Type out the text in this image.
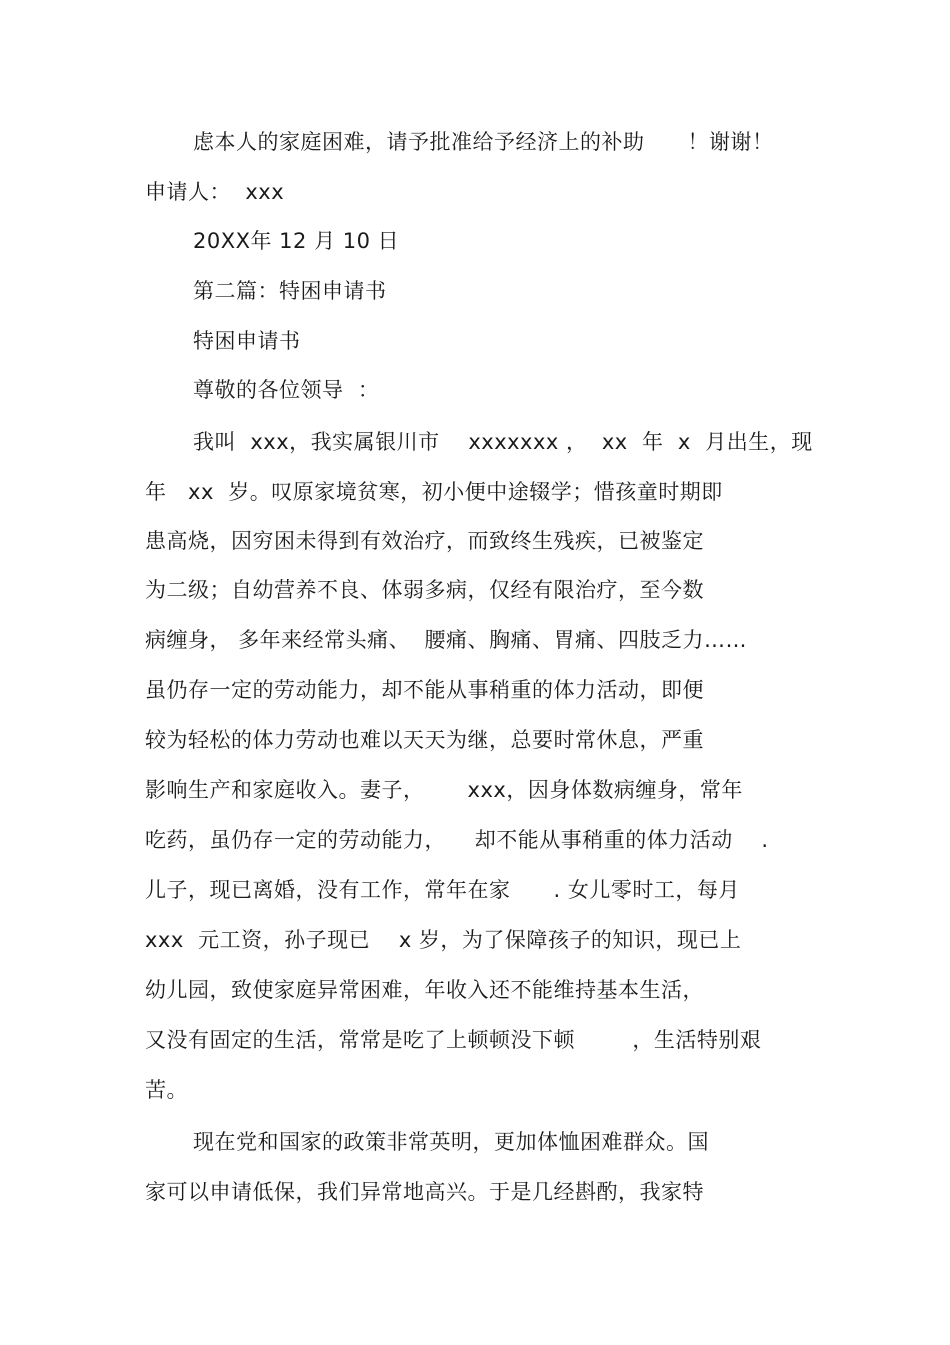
虑本人的家庭困难，请予批准给予经济上的补助　　！谢谢！
申请人：  xxx
20XX年 12 月 10 日
第二篇：特困申请书
特困申请书
尊敬的各位领导  ：
我叫  xxx，我实属银川市    xxxxxxx ，  xx  年  x  月出生，现
年   xx  岁。叹原家境贫寒，初小便中途辍学；惜孩童时期即
患高烧，因穷困未得到有效治疗，而致终生残疾，已被鉴定
为二级；自幼营养不良、体弱多病，仅经有限治疗，至今数
病缠身， 多年来经常头痛、  腰痛、胸痛、胃痛、四肢乏力……
虽仍存一定的劳动能力，却不能从事稍重的体力活动，即便
较为轻松的体力劳动也难以天天为继，总要时常休息，严重
影响生产和家庭收入。妻子，      xxx，因身体数病缠身，常年
吃药，虽仍存一定的劳动能力，    却不能从事稍重的体力活动    .
儿子，现已离婚，没有工作，常年在家      . 女儿零时工，每月
xxx  元工资，孙子现已    x 岁，为了保障孩子的知识，现已上
幼儿园，致使家庭异常困难，年收入还不能维持基本生活，
又没有固定的生活，常常是吃了上顿顿没下顿        ，生活特别艰
苦。
现在党和国家的政策非常英明，更加体恤困难群众。国
家可以申请低保，我们异常地高兴。于是几经斟酌，我家特
